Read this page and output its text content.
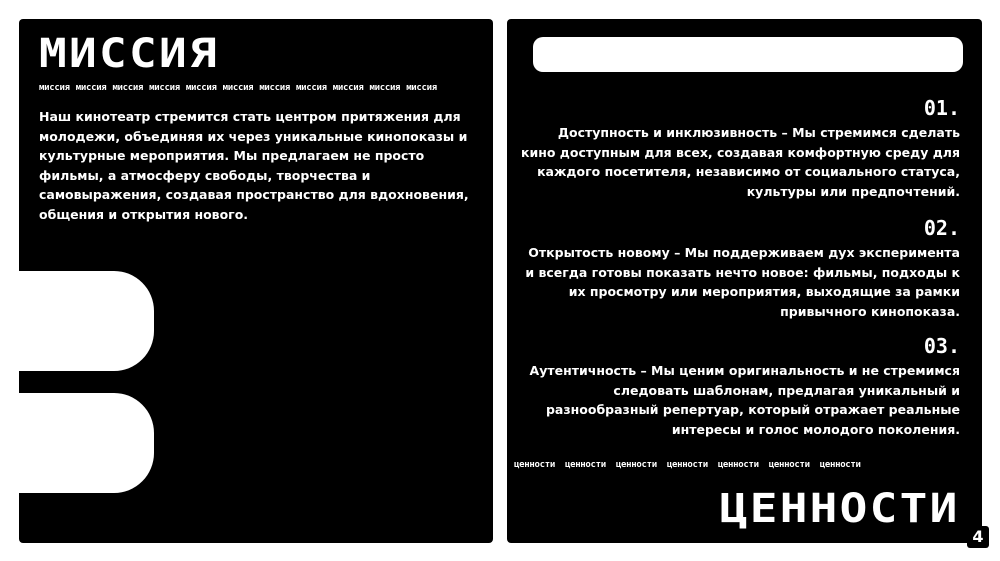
МИССИЯ
миссия миссия миссия миссия миссия миссия миссия миссия миссия миссия миссия

Наш кинотеатр стремится стать центром притяжения для молодежи, объединяя их через уникальные кинопоказы и культурные мероприятия. Мы предлагаем не просто фильмы, а атмосферу свободы, творчества и самовыражения, создавая пространство для вдохновения, общения и открытия нового.

01.
Доступность и инклюзивность – Мы стремимся сделать кино доступным для всех, создавая комфортную среду для каждого посетителя, независимо от социального статуса, культуры или предпочтений.
02.
Открытость новому – Мы поддерживаем дух эксперимента и всегда готовы показать нечто новое: фильмы, подходы к их просмотру или мероприятия, выходящие за рамки привычного кинопоказа.
03.
Аутентичность – Мы ценим оригинальность и не стремимся следовать шаблонам, предлагая уникальный и разнообразный репертуар, который отражает реальные интересы и голос молодого поколения.
ценности ценности ценности ценности ценности ценности ценности
ЦЕННОСТИ
4
